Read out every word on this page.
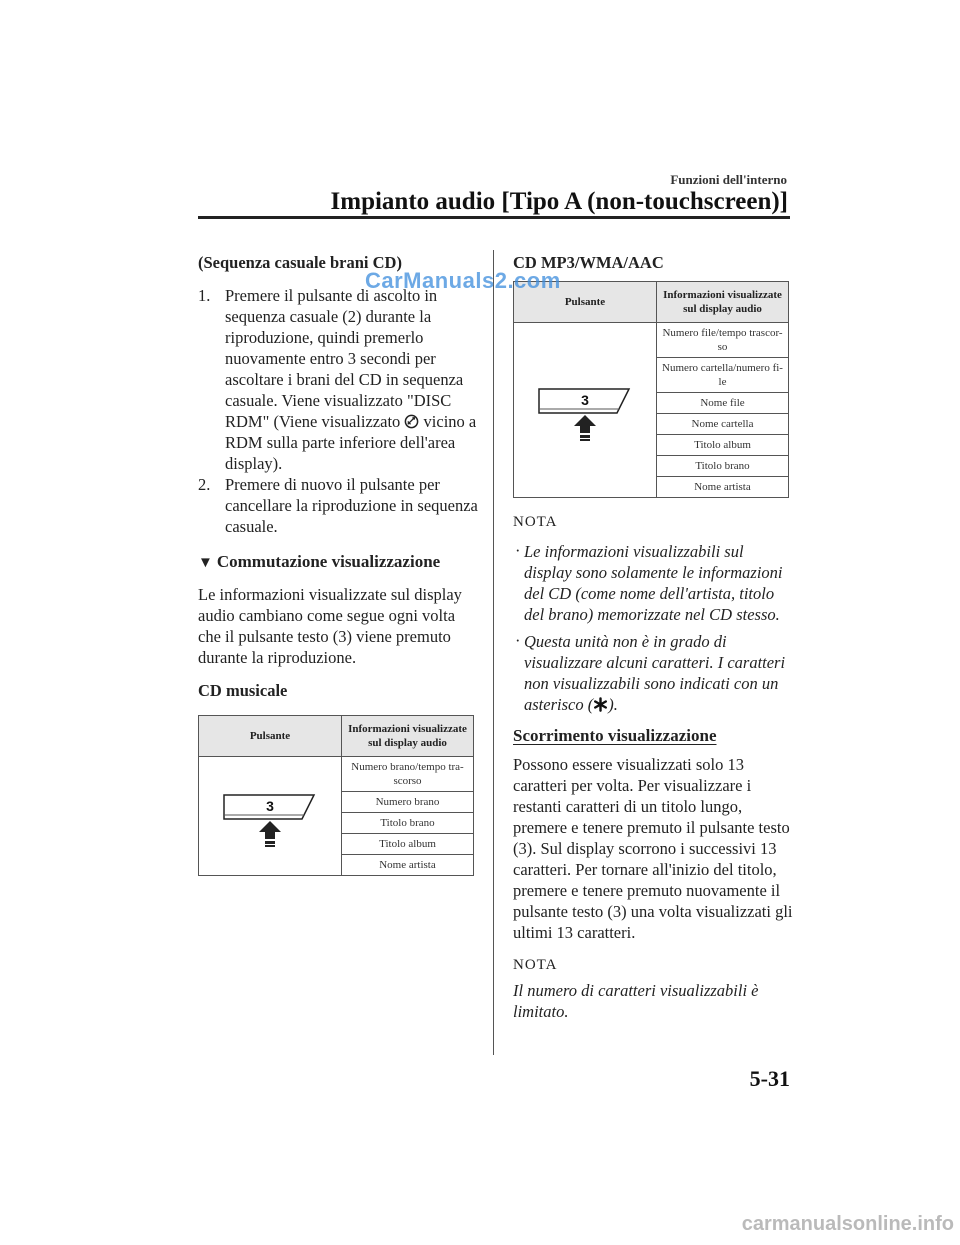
Funzioni dell'interno
Impianto audio [Tipo A (non-touchscreen)]

(Sequenza casuale brani CD)

1. Premere il pulsante di ascolto in sequenza casuale (2) durante la riproduzione, quindi premerlo nuovamente entro 3 secondi per ascoltare i brani del CD in sequenza casuale. Viene visualizzato "DISC RDM" (Viene visualizzato  vicino a RDM sulla parte inferiore dell'area display).
2. Premere di nuovo il pulsante per cancellare la riproduzione in sequenza casuale.
▼ Commutazione visualizzazione

Le informazioni visualizzate sul display audio cambiano come segue ogni volta che il pulsante testo (3) viene premuto durante la riproduzione.

CD musicale

Pulsante	Informazioni visualizzate sul display audio

3	Numero brano/tempo tra-scorso
	Numero brano
	Titolo brano
	Titolo album
	Nome artista

CD MP3/WMA/AAC

Pulsante	Informazioni visualizzate sul display audio

3	Numero file/tempo trascor-so
	Numero cartella/numero fi-le
	Nome file
	Nome cartella
	Titolo album
	Titolo brano
	Nome artista

NOTA

· Le informazioni visualizzabili sul display sono solamente le informazioni del CD (come nome dell'artista, titolo del brano) memorizzate nel CD stesso.
· Questa unità non è in grado di visualizzare alcuni caratteri. I caratteri non visualizzabili sono indicati con un asterisco ( ).
Scorrimento visualizzazione

Possono essere visualizzati solo 13 caratteri per volta. Per visualizzare i restanti caratteri di un titolo lungo, premere e tenere premuto il pulsante testo (3). Sul display scorrono i successivi 13 caratteri. Per tornare all'inizio del titolo, premere e tenere premuto nuovamente il pulsante testo (3) una volta visualizzati gli ultimi 13 caratteri.

NOTA

Il numero di caratteri visualizzabili è limitato.

5-31
CarManuals2.com
carmanualsonline.info
